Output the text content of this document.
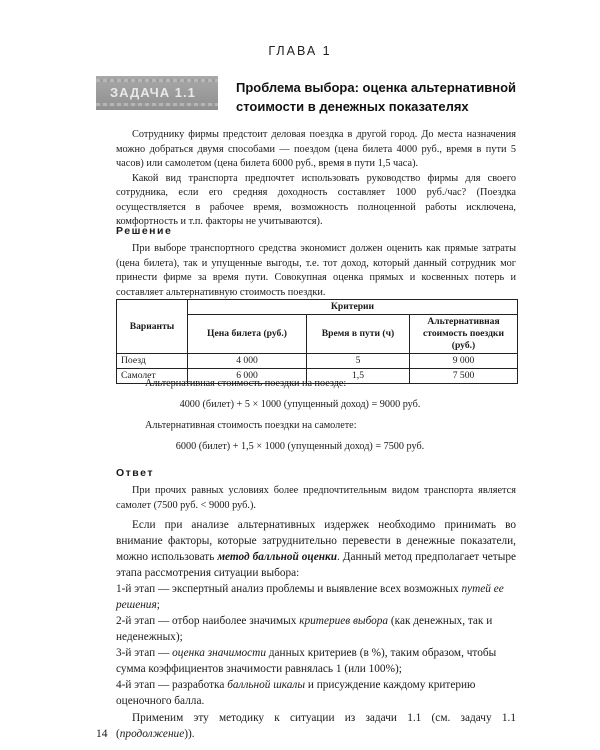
ГЛАВА 1
ЗАДАЧА 1.1	Проблема выбора: оценка альтернативной
стоимости в денежных показателях

Сотруднику фирмы предстоит деловая поездка в другой город. До места назначения можно добраться двумя способами — поездом (цена билета 4000 руб., время в пути 5 часов) или самолетом (цена билета 6000 руб., время в пути 1,5 часа).

Какой вид транспорта предпочтет использовать руководство фирмы для своего сотрудника, если его средняя доходность составляет 1000 руб./час? (Поездка осуществляется в рабочее время, возможность полноценной работы исключена, комфортность и т.п. факторы не учитываются).

Решение

При выборе транспортного средства экономист должен оценить как прямые затраты (цена билета), так и упущенные выгоды, т.е. тот доход, который данный сотрудник мог принести фирме за время пути. Совокупная оценка прямых и косвенных потерь и составляет альтернативную стоимость поездки.

Варианты	Критерии		
	Цена билета (руб.)	Время в пути (ч)	Альтернативная стоимость поездки (руб.)
Поезд	4 000	5	9 000
Самолет	6 000	1,5	7 500
Альтернативная стоимость поездки на поезде:
4000 (билет) + 5 × 1000 (упущенный доход) = 9000 руб.
Альтернативная стоимость поездки на самолете:
6000 (билет) + 1,5 × 1000 (упущенный доход) = 7500 руб.
Ответ

При прочих равных условиях более предпочтительным видом транспорта является самолет (7500 руб. < 9000 руб.).

Если при анализе альтернативных издержек необходимо принимать во внимание факторы, которые затруднительно перевести в денежные показатели, можно использовать метод балльной оценки. Данный метод предполагает четыре этапа рассмотрения ситуации выбора:

1-й этап — экспертный анализ проблемы и выявление всех возможных путей ее решения;
2-й этап — отбор наиболее значимых критериев выбора (как денежных, так и неденежных);
3-й этап — оценка значимости данных критериев (в %), таким образом, чтобы сумма коэффициентов значимости равнялась 1 (или 100%);
4-й этап — разработка балльной шкалы и присуждение каждому критерию оценочного балла.

Применим эту методику к ситуации из задачи 1.1 (см. задачу 1.1 (продолжение)).

14
